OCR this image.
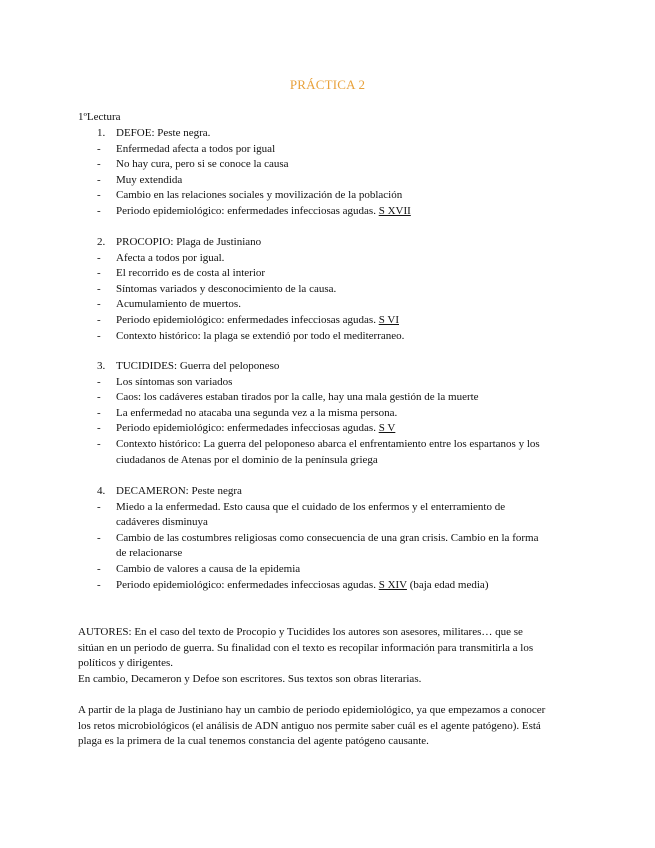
PRÁCTICA 2
1ºLectura
1. DEFOE: Peste negra.
- Enfermedad afecta a todos por igual
- No hay cura, pero si se conoce la causa
- Muy extendida
- Cambio en las relaciones sociales y movilización de la población
- Periodo epidemiológico: enfermedades infecciosas agudas. S XVII
2. PROCOPIO: Plaga de Justiniano
- Afecta a todos por igual.
- El recorrido es de costa al interior
- Síntomas variados y desconocimiento de la causa.
- Acumulamiento de muertos.
- Periodo epidemiológico: enfermedades infecciosas agudas. S VI
- Contexto histórico: la plaga se extendió por todo el mediterraneo.
3. TUCIDIDES: Guerra del peloponeso
- Los síntomas son variados
- Caos: los cadáveres estaban tirados por la calle, hay una mala gestión de la muerte
- La enfermedad no atacaba una segunda vez a la misma persona.
- Periodo epidemiológico: enfermedades infecciosas agudas. S V
- Contexto histórico: La guerra del peloponeso abarca el enfrentamiento entre los espartanos y los
ciudadanos de Atenas por el dominio de la península griega
4. DECAMERON: Peste negra
- Miedo a la enfermedad. Esto causa que el cuidado de los enfermos y el enterramiento de
cadáveres disminuya
- Cambio de las costumbres religiosas como consecuencia de una gran crisis. Cambio en la forma
de relacionarse
- Cambio de valores a causa de la epidemia
- Periodo epidemiológico: enfermedades infecciosas agudas. S XIV (baja edad media)
AUTORES: En el caso del texto de Procopio y Tucidides los autores son asesores, militares… que se
sitúan en un periodo de guerra. Su finalidad con el texto es recopilar información para transmitirla a los
políticos y dirigentes.
En cambio, Decameron y Defoe son escritores. Sus textos son obras literarias.
A partir de la plaga de Justiniano hay un cambio de periodo epidemiológico, ya que empezamos a conocer
los retos microbiológicos (el análisis de ADN antiguo nos permite saber cuál es el agente patógeno). Está
plaga es la primera de la cual tenemos constancia del agente patógeno causante.
